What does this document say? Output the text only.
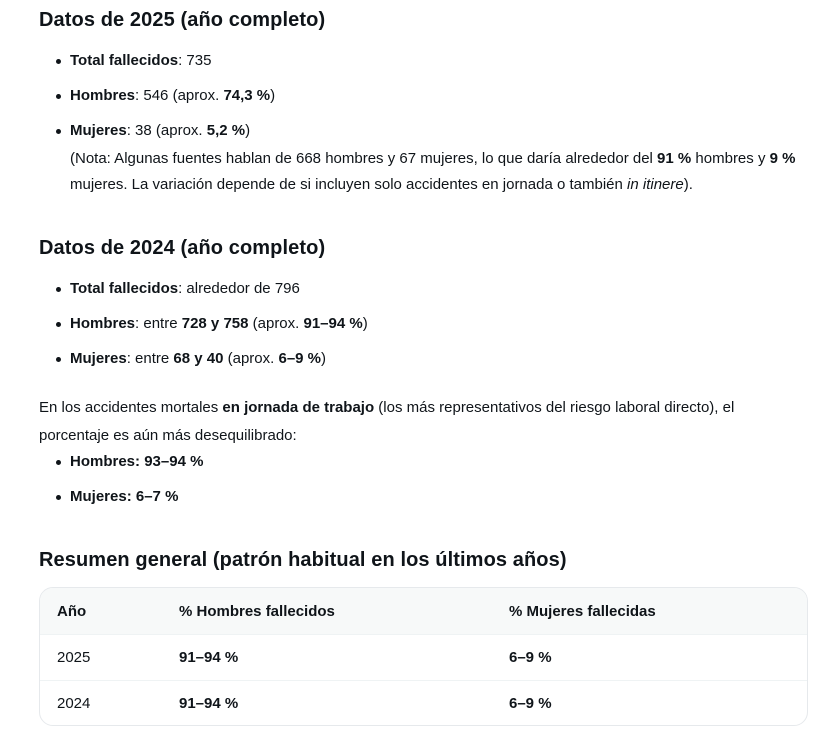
Datos de 2025 (año completo)
Total fallecidos: 735
Hombres: 546 (aprox. 74,3 %)
Mujeres: 38 (aprox. 5,2 %)
(Nota: Algunas fuentes hablan de 668 hombres y 67 mujeres, lo que daría alrededor del 91 % hombres y 9 % mujeres. La variación depende de si incluyen solo accidentes en jornada o también in itinere).
Datos de 2024 (año completo)
Total fallecidos: alrededor de 796
Hombres: entre 728 y 758 (aprox. 91–94 %)
Mujeres: entre 68 y 40 (aprox. 6–9 %)

En los accidentes mortales en jornada de trabajo (los más representativos del riesgo laboral directo), el porcentaje es aún más desequilibrado:

Hombres: 93–94 %
Mujeres: 6–7 %
Resumen general (patrón habitual en los últimos años)
Año	% Hombres fallecidos	% Mujeres fallecidas
2025	91–94 %	6–9 %
2024	91–94 %	6–9 %
